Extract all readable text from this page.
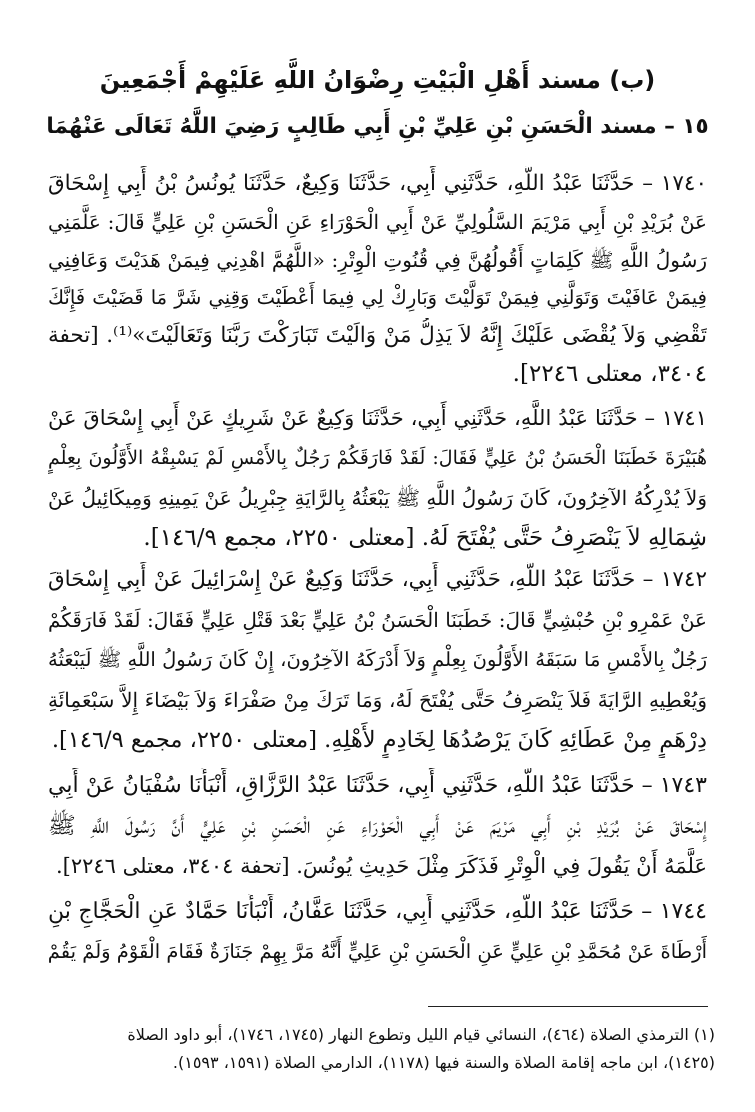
(ب) مسند أَهْلِ الْبَيْتِ رِضْوَانُ اللَّهِ عَلَيْهِمْ أَجْمَعِينَ
١٥ – مسند الْحَسَنِ بْنِ عَلِيِّ بْنِ أَبِي طَالِبٍ رَضِيَ اللَّهُ تَعَالَى عَنْهُمَا
١٧٤٠ – حَدَّثَنَا عَبْدُ اللَّهِ، حَدَّثَنِي أَبِي، حَدَّثَنَا وَكِيعٌ، حَدَّثَنَا يُونُسُ بْنُ أَبِي إِسْحَاقَ
عَنْ بُرَيْدِ بْنِ أَبِي مَرْيَمَ السَّلُولِيِّ عَنْ أَبِي الْحَوْرَاءِ عَنِ الْحَسَنِ بْنِ عَلِيٍّ قَالَ: عَلَّمَنِي
رَسُولُ اللَّهِ ﷺ كَلِمَاتٍ أَقُولُهُنَّ فِي قُنُوتِ الْوِتْرِ: «اللَّهُمَّ اهْدِنِي فِيمَنْ هَدَيْتَ وَعَافِنِي
فِيمَنْ عَافَيْتَ وَتَوَلَّنِي فِيمَنْ تَوَلَّيْتَ وَبَارِكْ لِي فِيمَا أَعْطَيْتَ وَقِنِي شَرَّ مَا قَضَيْتَ فَإِنَّكَ
تَقْضِي وَلاَ يُقْضَى عَلَيْكَ إِنَّهُ لاَ يَذِلُّ مَنْ وَالَيْتَ تَبَارَكْتَ رَبَّنَا وَتَعَالَيْتَ»⁽¹⁾. [تحفة
٣٤٠٤، معتلى ٢٢٤٦].
١٧٤١ – حَدَّثَنَا عَبْدُ اللَّهِ، حَدَّثَنِي أَبِي، حَدَّثَنَا وَكِيعٌ عَنْ شَرِيكٍ عَنْ أَبِي إِسْحَاقَ عَنْ
هُبَيْرَةَ خَطَبَنَا الْحَسَنُ بْنُ عَلِيٍّ فَقَالَ: لَقَدْ فَارَقَكُمْ رَجُلٌ بِالأَمْسِ لَمْ يَسْبِقْهُ الأَوَّلُونَ بِعِلْمٍ
وَلاَ يُدْرِكُهُ الآخِرُونَ، كَانَ رَسُولُ اللَّهِ ﷺ يَبْعَثُهُ بِالرَّايَةِ جِبْرِيلُ عَنْ يَمِينِهِ وَمِيكَائِيلُ عَنْ
شِمَالِهِ لاَ يَنْصَرِفُ حَتَّى يُفْتَحَ لَهُ. [معتلى ٢٢٥٠، مجمع ١٤٦/٩].
١٧٤٢ – حَدَّثَنَا عَبْدُ اللَّهِ، حَدَّثَنِي أَبِي، حَدَّثَنَا وَكِيعٌ عَنْ إِسْرَائِيلَ عَنْ أَبِي إِسْحَاقَ
عَنْ عَمْرِو بْنِ حُبْشِيٍّ قَالَ: خَطَبَنَا الْحَسَنُ بْنُ عَلِيٍّ بَعْدَ قَتْلِ عَلِيٍّ فَقَالَ: لَقَدْ فَارَقَكُمْ
رَجُلٌ بِالأَمْسِ مَا سَبَقَهُ الأَوَّلُونَ بِعِلْمٍ وَلاَ أَدْرَكَهُ الآخِرُونَ، إِنْ كَانَ رَسُولُ اللَّهِ ﷺ لَيَبْعَثُهُ
وَيُعْطِيهِ الرَّايَةَ فَلاَ يَنْصَرِفُ حَتَّى يُفْتَحَ لَهُ، وَمَا تَرَكَ مِنْ صَفْرَاءَ وَلاَ بَيْضَاءَ إِلاَّ سَبْعَمِائَةِ
دِرْهَمٍ مِنْ عَطَائِهِ كَانَ يَرْصُدُهَا لِخَادِمٍ لأَهْلِهِ. [معتلى ٢٢٥٠، مجمع ١٤٦/٩].
١٧٤٣ – حَدَّثَنَا عَبْدُ اللَّهِ، حَدَّثَنِي أَبِي، حَدَّثَنَا عَبْدُ الرَّزَّاقِ، أَنْبَأَنَا سُفْيَانُ عَنْ أَبِي
إِسْحَاقَ عَنْ بُرَيْدِ بْنِ أَبِي مَرْيَمَ عَنْ أَبِي الْحَوْرَاءِ عَنِ الْحَسَنِ بْنِ عَلِيٍّ أَنَّ رَسُولَ اللَّهِ ﷺ
عَلَّمَهُ أَنْ يَقُولَ فِي الْوِتْرِ فَذَكَرَ مِثْلَ حَدِيثِ يُونُسَ. [تحفة ٣٤٠٤، معتلى ٢٢٤٦].
١٧٤٤ – حَدَّثَنَا عَبْدُ اللَّهِ، حَدَّثَنِي أَبِي، حَدَّثَنَا عَفَّانُ، أَنْبَأَنَا حَمَّادٌ عَنِ الْحَجَّاجِ بْنِ
أَرْطَاةَ عَنْ مُحَمَّدِ بْنِ عَلِيٍّ عَنِ الْحَسَنِ بْنِ عَلِيٍّ أَنَّهُ مَرَّ بِهِمْ جَنَازَةٌ فَقَامَ الْقَوْمُ وَلَمْ يَقُمْ
(١) الترمذي الصلاة (٤٦٤)، النسائي قيام الليل وتطوع النهار (١٧٤٥، ١٧٤٦)، أبو داود الصلاة
(١٤٢٥)، ابن ماجه إقامة الصلاة والسنة فيها (١١٧٨)، الدارمي الصلاة (١٥٩١، ١٥٩٣).
